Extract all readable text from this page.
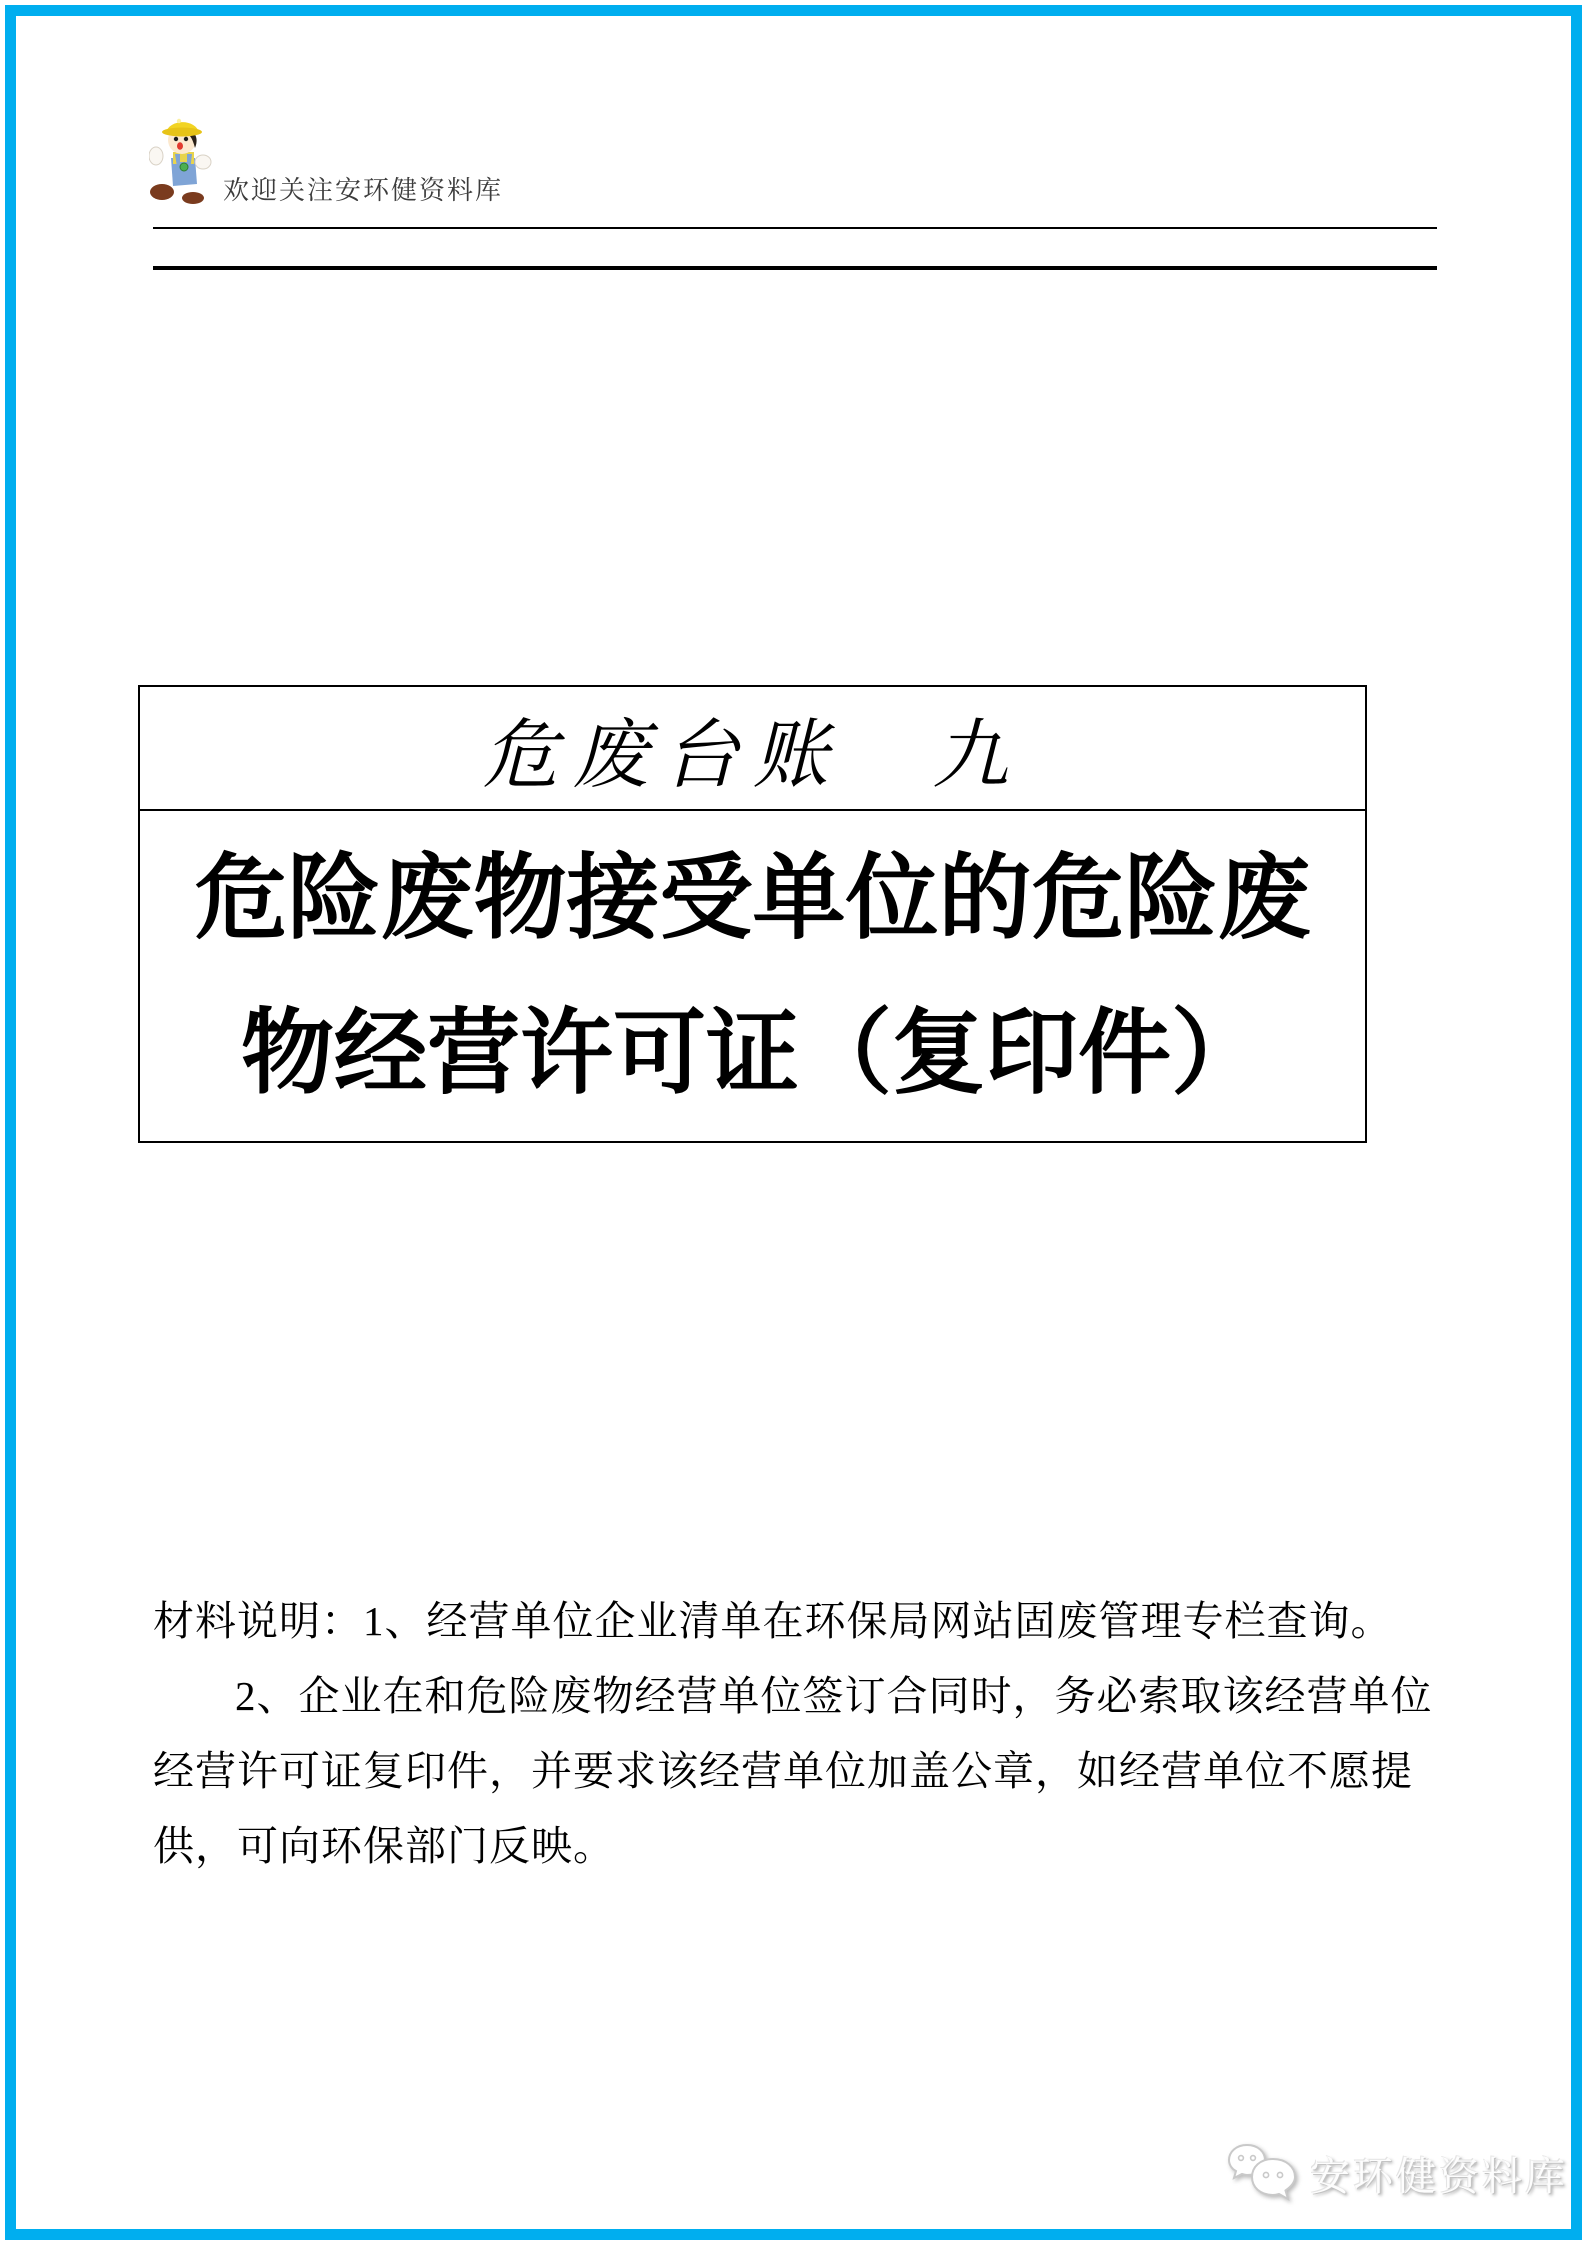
欢迎关注安环健资料库
危废台账　九
危险废物接受单位的危险废
物经营许可证（复印件）
材料说明：1、经营单位企业清单在环保局网站固废管理专栏查询。
2、企业在和危险废物经营单位签订合同时，务必索取该经营单位
经营许可证复印件，并要求该经营单位加盖公章，如经营单位不愿提
供，可向环保部门反映。
安环健资料库
